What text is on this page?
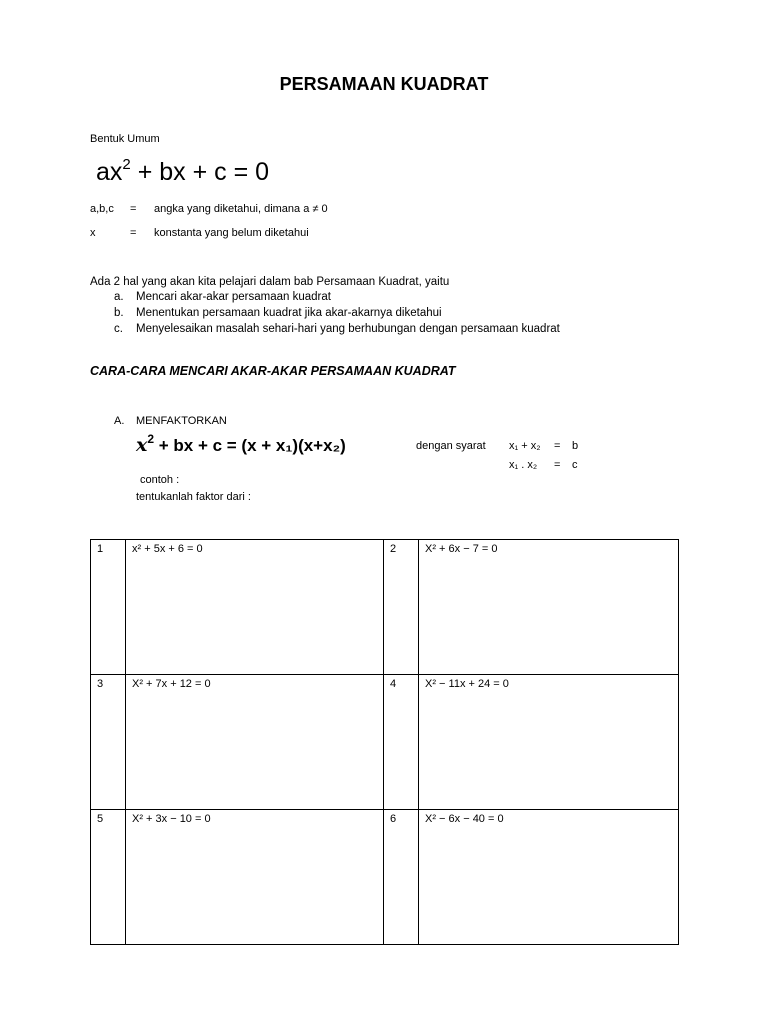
PERSAMAAN KUADRAT
Bentuk Umum
$ax^2$ + bx + c = 0
a,b,c = angka yang diketahui, dimana a ≠ 0
x	= konstanta yang belum diketahui
Ada 2 hal yang akan kita pelajari dalam bab Persamaan Kuadrat, yaitu
a. Mencari akar-akar persamaan kuadrat
b. Menentukan persamaan kuadrat jika akar-akarnya diketahui
c. Menyelesaikan masalah sehari-hari yang berhubungan dengan persamaan kuadrat
CARA-CARA MENCARI AKAR-AKAR PERSAMAAN KUADRAT
A. MENFAKTORKAN
$x^2$ + bx + c = (x + x₁)(x+x₂)	dengan syarat x₁ + x₂ = b
x₁ . x₂ = c
contoh :
tentukanlah faktor dari :
1	x² + 5x + 6 = 0	2	X² + 6x − 7 = 0
3	X² + 7x + 12 = 0	4	X² − 11x + 24 = 0
5	X² + 3x − 10 = 0	6	X² − 6x − 40 = 0
